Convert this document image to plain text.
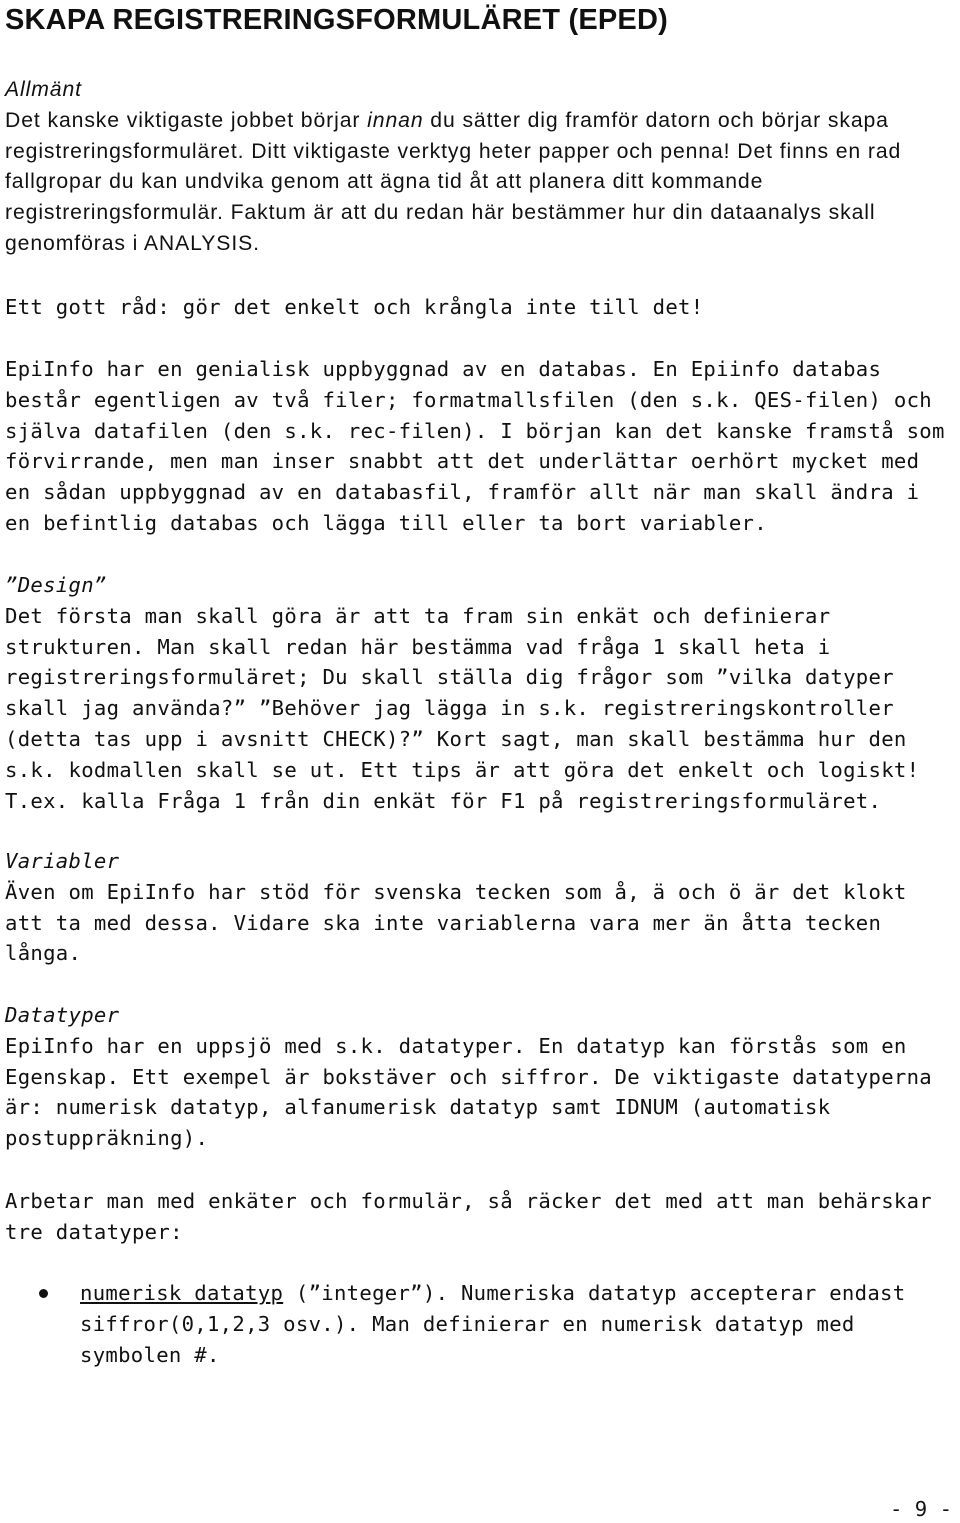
SKAPA REGISTRERINGSFORMULÄRET (EPED)

Allmänt
Det kanske viktigaste jobbet börjar innan du sätter dig framför datorn och börjar skapa registreringsformuläret. Ditt viktigaste verktyg heter papper och penna! Det finns en rad fallgropar du kan undvika genom att ägna tid åt att planera ditt kommande registreringsformulär. Faktum är att du redan här bestämmer hur din dataanalys skall genomföras i ANALYSIS.

Ett gott råd: gör det enkelt och krångla inte till det!

EpiInfo har en genialisk uppbyggnad av en databas. En Epiinfo databas består egentligen av två filer; formatmallsfilen (den s.k. QES-filen) och själva datafilen (den s.k. rec-filen). I början kan det kanske framstå som förvirrande, men man inser snabbt att det underlättar oerhört mycket med en sådan uppbyggnad av en databasfil, framför allt när man skall ändra i en befintlig databas och lägga till eller ta bort variabler.

”Design”
Det första man skall göra är att ta fram sin enkät och definierar strukturen. Man skall redan här bestämma vad fråga 1 skall heta i registreringsformuläret; Du skall ställa dig frågor som ”vilka datyper skall jag använda?” ”Behöver jag lägga in s.k. registreringskontroller (detta tas upp i avsnitt CHECK)?” Kort sagt, man skall bestämma hur den s.k. kodmallen skall se ut. Ett tips är att göra det enkelt och logiskt! T.ex. kalla Fråga 1 från din enkät för F1 på registreringsformuläret.

Variabler
Även om EpiInfo har stöd för svenska tecken som å, ä och ö är det klokt att ta med dessa. Vidare ska inte variablerna vara mer än åtta tecken långa.

Datatyper
EpiInfo har en uppsjö med s.k. datatyper. En datatyp kan förstås som en Egenskap. Ett exempel är bokstäver och siffror. De viktigaste datatyperna är: numerisk datatyp, alfanumerisk datatyp samt IDNUM (automatisk postuppräkning).

Arbetar man med enkäter och formulär, så räcker det med att man behärskar tre datatyper:

numerisk datatyp (”integer”). Numeriska datatyp accepterar endast siffror(0,1,2,3 osv.). Man definierar en numerisk datatyp med symbolen #.
- 9 -
